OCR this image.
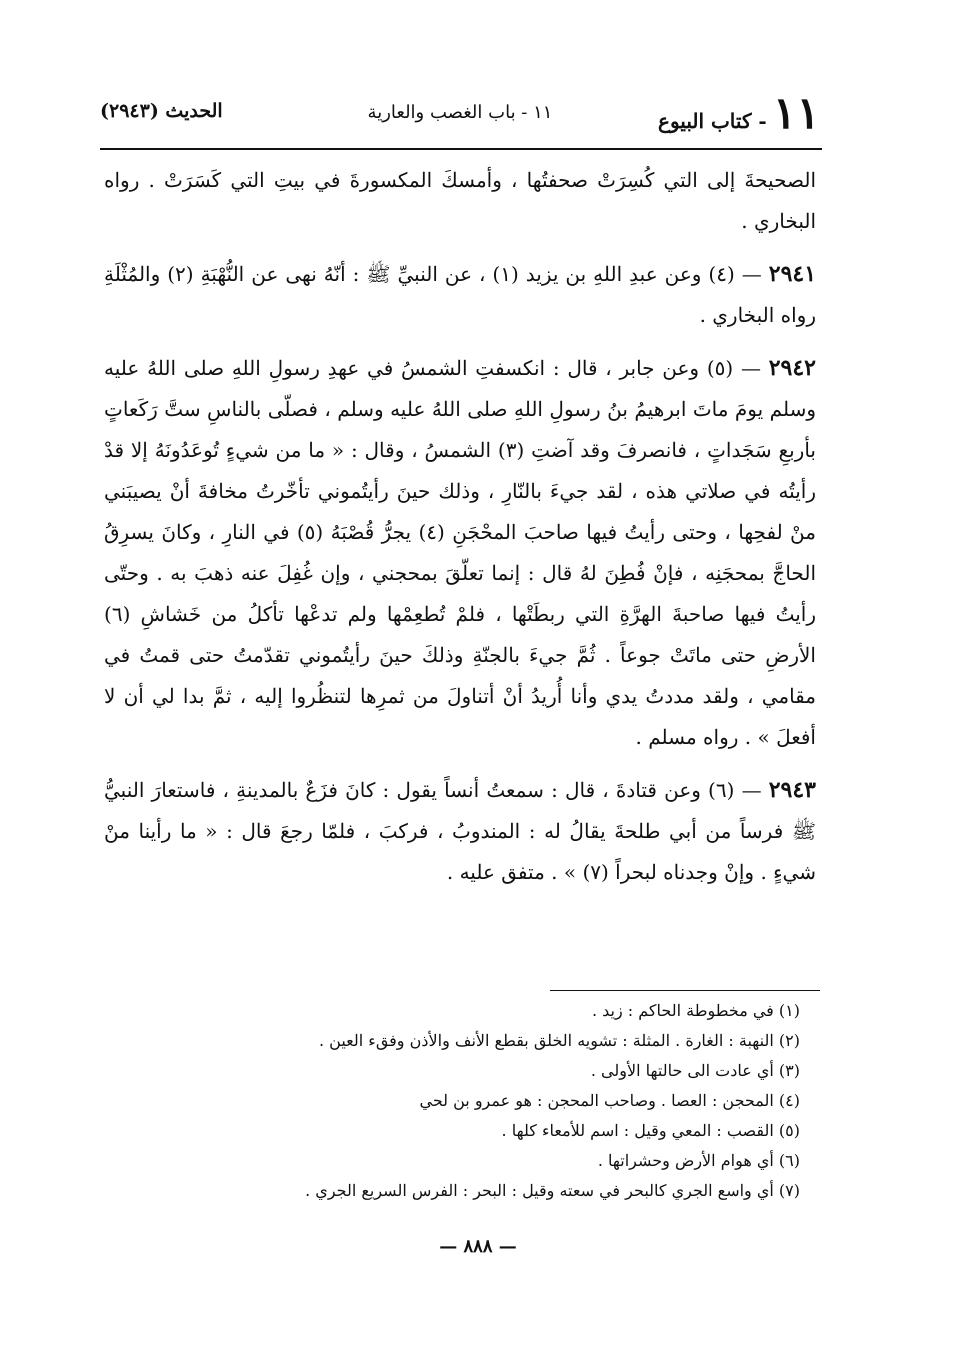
١١
- كتاب البيوع
١١ - باب الغصب والعارية
الحديث (٢٩٤٣)

الصحيحةَ إلى التي كُسِرَتْ صحفتُها ، وأمسكَ المكسورةَ في بيتِ التي كَسَرَتْ . رواه البخاري .

٢٩٤١ — (٤) وعن عبدِ اللهِ بن يزيد (١) ، عن النبيِّ ﷺ : أنّهُ نهى عن النُّهْبَةِ (٢) والمُثْلَةِ رواه البخاري .

٢٩٤٢ — (٥) وعن جابر ، قال : انكسفتِ الشمسُ في عهدِ رسولِ اللهِ صلى اللهُ عليه وسلم يومَ ماتَ ابرهيمُ بنُ رسولِ اللهِ صلى اللهُ عليه وسلم ، فصلّى بالناسِ ستَّ رَكَعاتٍ بأربعِ سَجَداتٍ ، فانصرفَ وقد آضتِ (٣) الشمسُ ، وقال : « ما من شيءٍ تُوعَدُونَهُ إلا قدْ رأيتُه في صلاتي هذه ، لقد جيءَ بالنّارِ ، وذلك حينَ رأيتُموني تأخّرتُ مخافةَ أنْ يصيبَني منْ لفحِها ، وحتى رأيتُ فيها صاحبَ المحْجَنِ (٤) يجرُّ قُصْبَهُ (٥) في النارِ ، وكانَ يسرِقُ الحاجَّ بمحجَنِه ، فإنْ فُطِنَ لهُ قال : إنما تعلّقَ بمحجني ، وإن غُفِلَ عنه ذهبَ به . وحتّى رأيتُ فيها صاحبةَ الهرَّةِ التي ربطَتْها ، فلمْ تُطعِمْها ولم تدعْها تأكلُ من خَشاشِ (٦) الأرضِ حتى ماتَتْ جوعاً . ثُمَّ جيءَ بالجنّةِ وذلكَ حينَ رأيتُموني تقدّمتُ حتى قمتُ في مقامي ، ولقد مددتُ يدي وأنا أُريدُ أنْ أتناولَ من ثمرِها لتنظُروا إليه ، ثمَّ بدا لي أن لا أفعلَ » . رواه مسلم .

٢٩٤٣ — (٦) وعن قتادةَ ، قال : سمعتُ أنساً يقول : كانَ فزَعٌ بالمدينةِ ، فاستعارَ النبيُّ ﷺ فرساً من أبي طلحةَ يقالُ له : المندوبُ ، فركبَ ، فلمّا رجعَ قال : « ما رأينا منْ شيءٍ . وإنْ وجدناه لبحراً (٧) » . متفق عليه .

(١) في مخطوطة الحاكم : زيد .
(٢) النهبة : الغارة . المثلة : تشويه الخلق بقطع الأنف والأذن وفقء العين .
(٣) أي عادت الى حالتها الأولى .
(٤) المحجن : العصا . وصاحب المحجن : هو عمرو بن لحي
(٥) القصب : المعي وقيل : اسم للأمعاء كلها .
(٦) أي هوام الأرض وحشراتها .
(٧) أي واسع الجري كالبحر في سعته وقيل : البحر : الفرس السريع الجري .
— ٨٨٨ —
